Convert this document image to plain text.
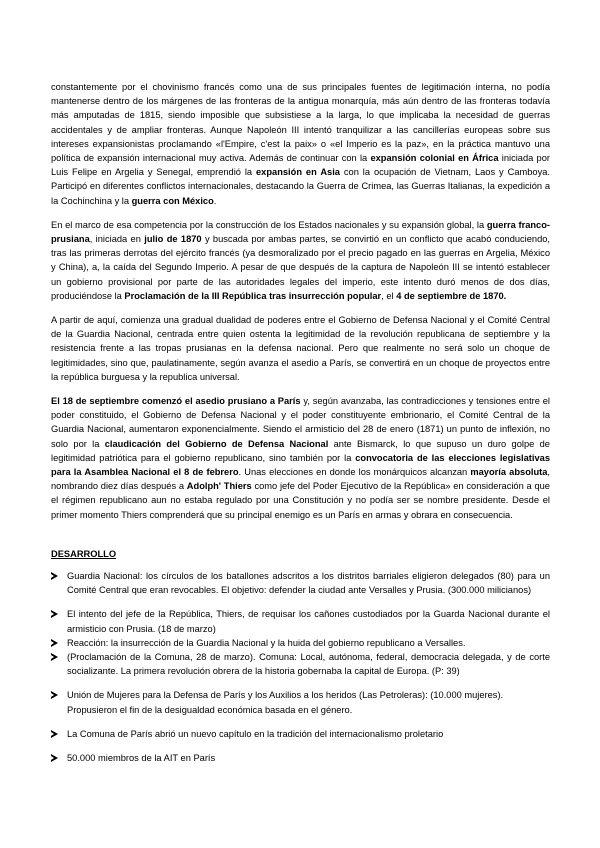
constantemente por el chovinismo francés como una de sus principales fuentes de legitimación interna, no podía mantenerse dentro de los márgenes de las fronteras de la antigua monarquía, más aún dentro de las fronteras todavía más amputadas de 1815, siendo imposible que subsistiese a la larga, lo que implicaba la necesidad de guerras accidentales y de ampliar fronteras. Aunque Napoleón III intentó tranquilizar a las cancillerías europeas sobre sus intereses expansionistas proclamando «l'Empire, c'est la paix» o «el Imperio es la paz», en la práctica mantuvo una política de expansión internacional muy activa. Además de continuar con la expansión colonial en África iniciada por Luis Felipe en Argelia y Senegal, emprendió la expansión en Asia con la ocupación de Vietnam, Laos y Camboya. Participó en diferentes conflictos internacionales, destacando la Guerra de Crimea, las Guerras Italianas, la expedición a la Cochinchina y la guerra con México.

En el marco de esa competencia por la construcción de los Estados nacionales y su expansión global, la guerra franco-prusiana, iniciada en julio de 1870 y buscada por ambas partes, se convirtió en un conflicto que acabó conduciendo, tras las primeras derrotas del ejército francés (ya desmoralizado por el precio pagado en las guerras en Argelia, México y China), a, la caída del Segundo Imperio. A pesar de que después de la captura de Napoleón III se intentó establecer un gobierno provisional por parte de las autoridades legales del imperio, este intento duró menos de dos días, produciéndose la Proclamación de la III República tras insurrección popular, el 4 de septiembre de 1870.

A partir de aquí, comienza una gradual dualidad de poderes entre el Gobierno de Defensa Nacional y el Comité Central de la Guardia Nacional, centrada entre quien ostenta la legitimidad de la revolución republicana de septiembre y la resistencia frente a las tropas prusianas en la defensa nacional. Pero que realmente no será solo un choque de legitimidades, sino que, paulatinamente, según avanza el asedio a París, se convertirá en un choque de proyectos entre la república burguesa y la republica universal.

El 18 de septiembre comenzó el asedio prusiano a París y, según avanzaba, las contradicciones y tensiones entre el poder constituido, el Gobierno de Defensa Nacional y el poder constituyente embrionario, el Comité Central de la Guardia Nacional, aumentaron exponencialmente. Siendo el armisticio del 28 de enero (1871) un punto de inflexión, no solo por la claudicación del Gobierno de Defensa Nacional ante Bismarck, lo que supuso un duro golpe de legitimidad patriótica para el gobierno republicano, sino también por la convocatoria de las elecciones legislativas para la Asamblea Nacional el 8 de febrero. Unas elecciones en donde los monárquicos alcanzan mayoría absoluta, nombrando diez días después a Adolph' Thiers como jefe del Poder Ejecutivo de la República» en consideración a que el régimen republicano aun no estaba regulado por una Constitución y no podía ser se nombre presidente. Desde el primer momento Thiers comprenderá que su principal enemigo es un París en armas y obrara en consecuencia.

DESARROLLO
Guardia Nacional: los círculos de los batallones adscritos a los distritos barriales eligieron delegados (80) para un Comité Central que eran revocables. El objetivo: defender la ciudad ante Versalles y Prusia. (300.000 milicianos)
El intento del jefe de la República, Thiers, de requisar los cañones custodiados por la Guarda Nacional durante el armisticio con Prusia. (18 de marzo)
Reacción: la insurrección de la Guardia Nacional y la huida del gobierno republicano a Versalles.
(Proclamación de la Comuna, 28 de marzo). Comuna: Local, autónoma, federal, democracia delegada, y de corte socializante. La primera revolución obrera de la historia gobernaba la capital de Europa. (P: 39)
Unión de Mujeres para la Defensa de París y los Auxilios a los heridos (Las Petroleras): (10.000 mujeres).
Propusieron el fin de la desigualdad económica basada en el género.
La Comuna de París abrió un nuevo capítulo en la tradición del internacionalismo proletario
50.000 miembros de la AIT en París
